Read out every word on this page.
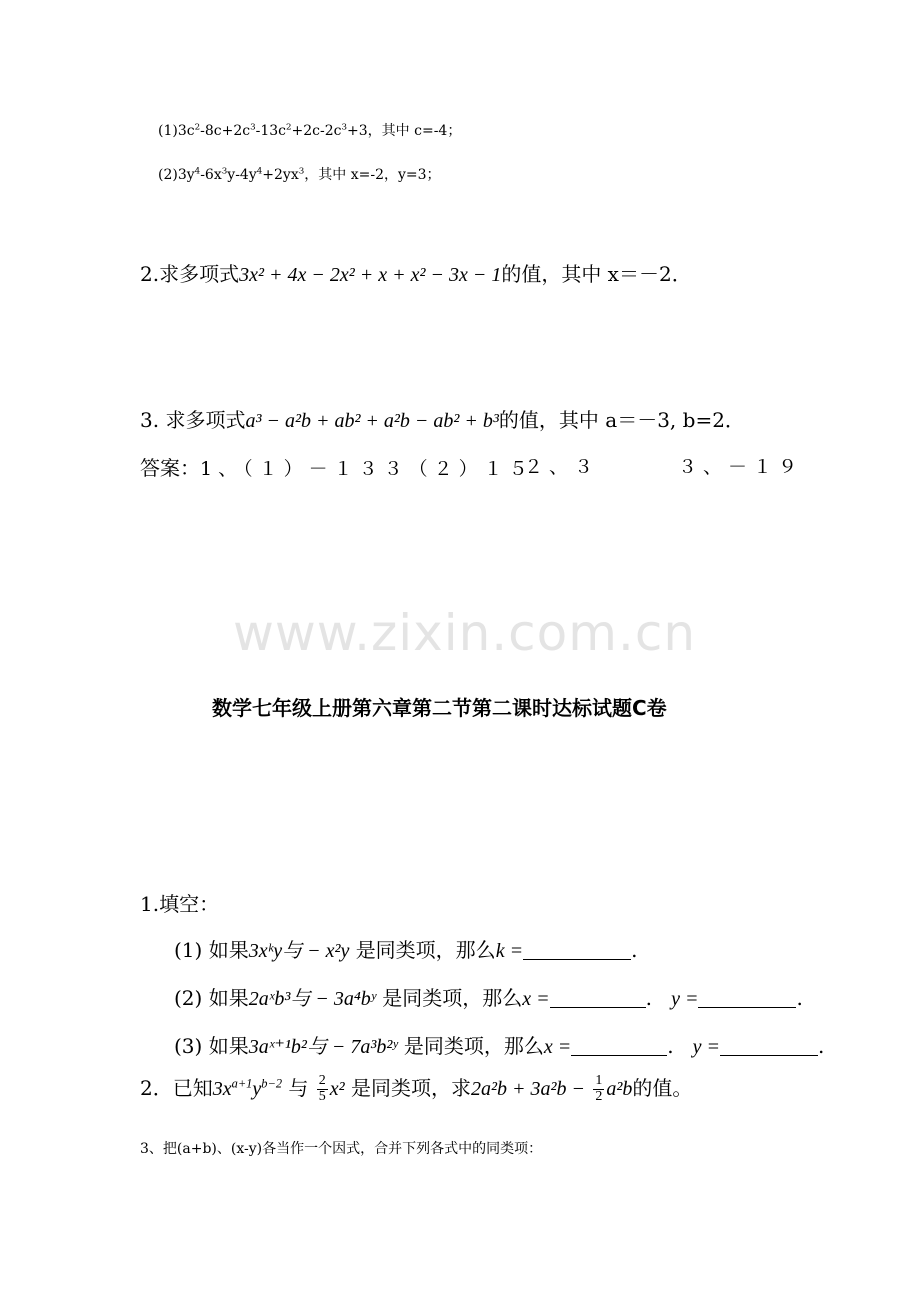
$(1)3c^2-8c+2c^3-13c^2+2c-2c^3+3$，其中 c=-4；
$(2)3y^4-6x^3y-4y^4+2yx^3$，其中 x=-2，y=3；
2.求多项式3x² + 4x − 2x² + x + x² − 3x − 1的值，其中 x＝－2．
3. 求多项式a³ − a²b + ab² + a²b − ab² + b³的值，其中 a＝－3, b=2．
答案：1、（１）－１３３（２）１５
２、３	３、－１９
www.zixin.com.cn
数学七年级上册第六章第二节第二课时达标试题C卷
1.填空：
(1) 如果3xᵏy与 − x²y 是同类项，那么k =	.
(2) 如果2aˣb³与 − 3a⁴bʸ 是同类项，那么x =	. y =	.
(3) 如果3aˣ⁺¹b²与 − 7a³b²ʸ 是同类项，那么x =	. y =	.
2．已知$3x^{a+1}y^{b-2}$ 与 $\frac{2}{5} x^2$ 是同类项，求$2a^2b + 3a^2b - \frac{1}{2} a^2b$的值。
3、把(a+b)、(x-y)各当作一个因式，合并下列各式中的同类项：
